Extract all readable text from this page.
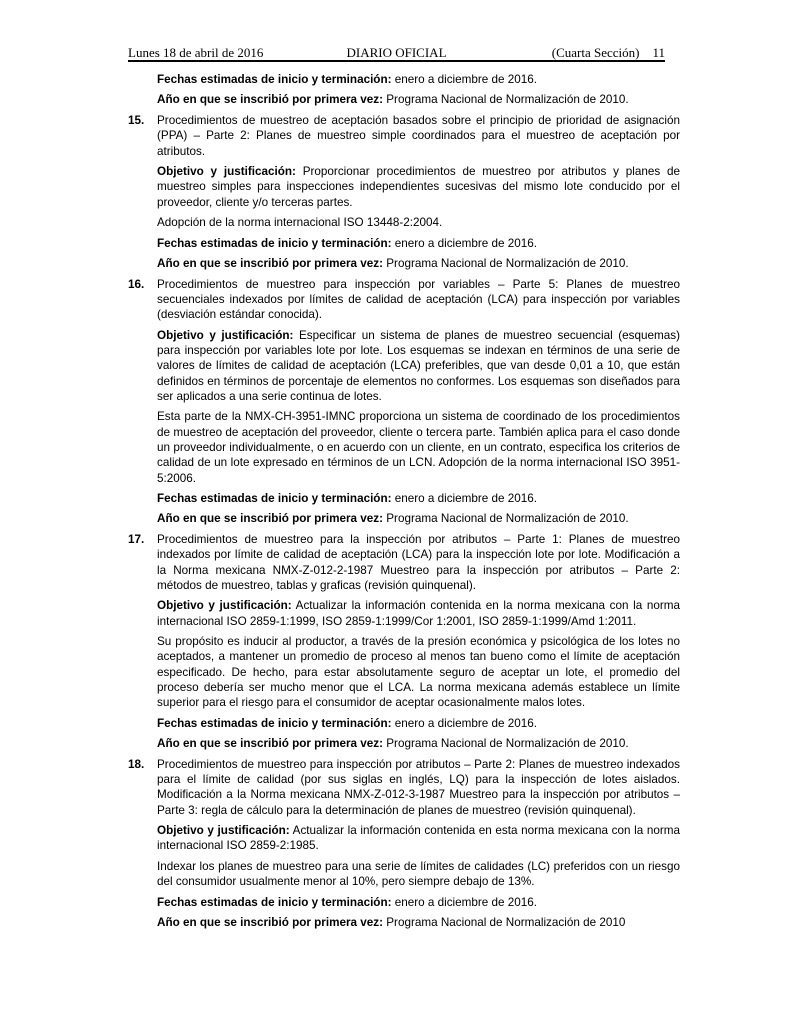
Lunes 18 de abril de 2016	DIARIO OFICIAL	(Cuarta Sección) 11

Fechas estimadas de inicio y terminación: enero a diciembre de 2016.

Año en que se inscribió por primera vez: Programa Nacional de Normalización de 2010.

15. Procedimientos de muestreo de aceptación basados sobre el principio de prioridad de asignación (PPA) – Parte 2: Planes de muestreo simple coordinados para el muestreo de aceptación por atributos.

Objetivo y justificación: Proporcionar procedimientos de muestreo por atributos y planes de muestreo simples para inspecciones independientes sucesivas del mismo lote conducido por el proveedor, cliente y/o terceras partes.

Adopción de la norma internacional ISO 13448-2:2004.

Fechas estimadas de inicio y terminación: enero a diciembre de 2016.

Año en que se inscribió por primera vez: Programa Nacional de Normalización de 2010.

16. Procedimientos de muestreo para inspección por variables – Parte 5: Planes de muestreo secuenciales indexados por límites de calidad de aceptación (LCA) para inspección por variables (desviación estándar conocida).

Objetivo y justificación: Especificar un sistema de planes de muestreo secuencial (esquemas) para inspección por variables lote por lote. Los esquemas se indexan en términos de una serie de valores de límites de calidad de aceptación (LCA) preferibles, que van desde 0,01 a 10, que están definidos en términos de porcentaje de elementos no conformes. Los esquemas son diseñados para ser aplicados a una serie continua de lotes.

Esta parte de la NMX-CH-3951-IMNC proporciona un sistema de coordinado de los procedimientos de muestreo de aceptación del proveedor, cliente o tercera parte. También aplica para el caso donde un proveedor individualmente, o en acuerdo con un cliente, en un contrato, especifica los criterios de calidad de un lote expresado en términos de un LCN. Adopción de la norma internacional ISO 3951-5:2006.

Fechas estimadas de inicio y terminación: enero a diciembre de 2016.

Año en que se inscribió por primera vez: Programa Nacional de Normalización de 2010.

17. Procedimientos de muestreo para la inspección por atributos – Parte 1: Planes de muestreo indexados por límite de calidad de aceptación (LCA) para la inspección lote por lote. Modificación a la Norma mexicana NMX-Z-012-2-1987 Muestreo para la inspección por atributos – Parte 2: métodos de muestreo, tablas y graficas (revisión quinquenal).

Objetivo y justificación: Actualizar la información contenida en la norma mexicana con la norma internacional ISO 2859-1:1999, ISO 2859-1:1999/Cor 1:2001, ISO 2859-1:1999/Amd 1:2011.

Su propósito es inducir al productor, a través de la presión económica y psicológica de los lotes no aceptados, a mantener un promedio de proceso al menos tan bueno como el límite de aceptación especificado. De hecho, para estar absolutamente seguro de aceptar un lote, el promedio del proceso debería ser mucho menor que el LCA. La norma mexicana además establece un límite superior para el riesgo para el consumidor de aceptar ocasionalmente malos lotes.

Fechas estimadas de inicio y terminación: enero a diciembre de 2016.

Año en que se inscribió por primera vez: Programa Nacional de Normalización de 2010.

18. Procedimientos de muestreo para inspección por atributos – Parte 2: Planes de muestreo indexados para el límite de calidad (por sus siglas en inglés, LQ) para la inspección de lotes aislados. Modificación a la Norma mexicana NMX-Z-012-3-1987 Muestreo para la inspección por atributos – Parte 3: regla de cálculo para la determinación de planes de muestreo (revisión quinquenal).

Objetivo y justificación: Actualizar la información contenida en esta norma mexicana con la norma internacional ISO 2859-2:1985.

Indexar los planes de muestreo para una serie de límites de calidades (LC) preferidos con un riesgo del consumidor usualmente menor al 10%, pero siempre debajo de 13%.

Fechas estimadas de inicio y terminación: enero a diciembre de 2016.

Año en que se inscribió por primera vez: Programa Nacional de Normalización de 2010
